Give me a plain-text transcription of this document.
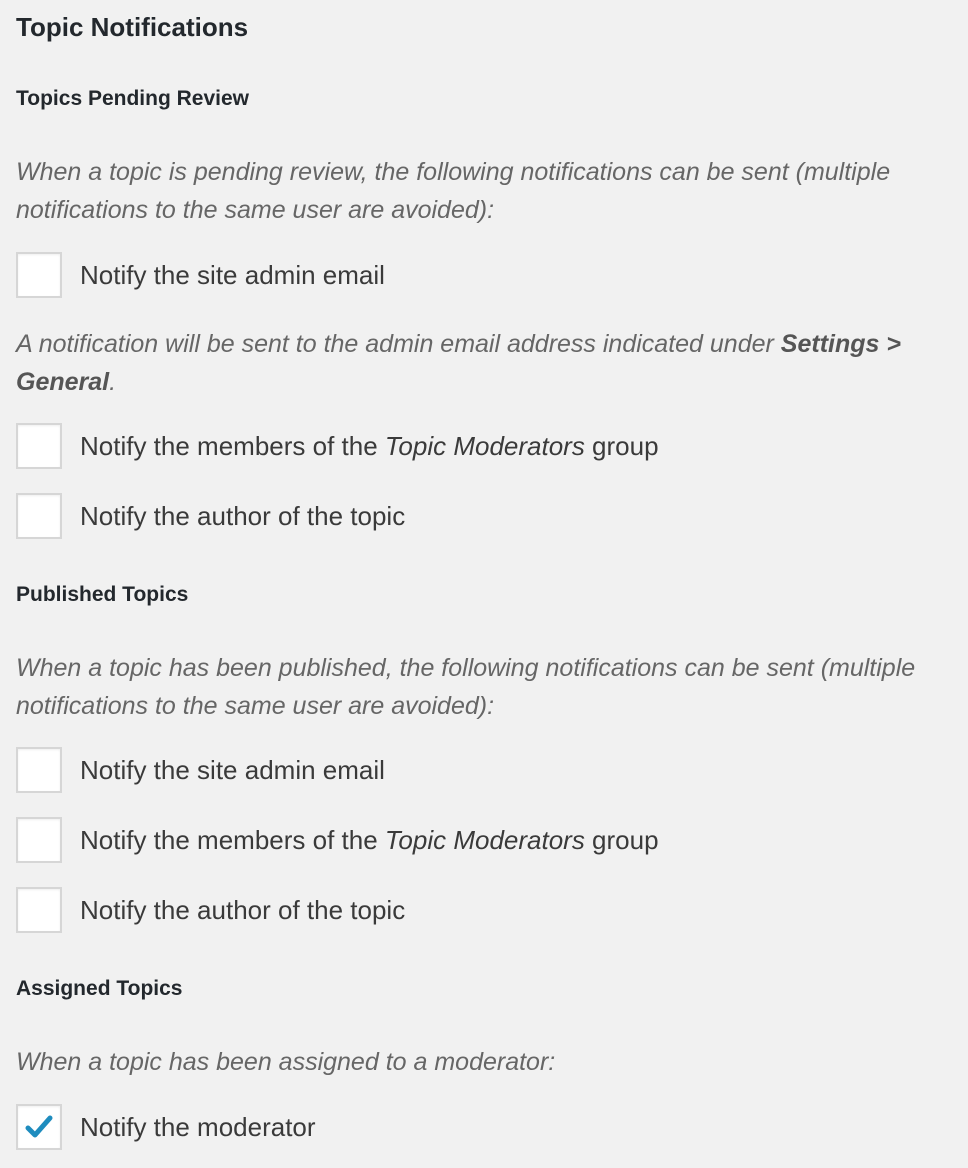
Topic Notifications
Topics Pending Review

When a topic is pending review, the following notifications can be sent (multiple notifications to the same user are avoided):

Notify the site admin email

A notification will be sent to the admin email address indicated under Settings > General.

Notify the members of the Topic Moderators group
Notify the author of the topic
Published Topics

When a topic has been published, the following notifications can be sent (multiple notifications to the same user are avoided):

Notify the site admin email
Notify the members of the Topic Moderators group
Notify the author of the topic
Assigned Topics

When a topic has been assigned to a moderator:

Notify the moderator
